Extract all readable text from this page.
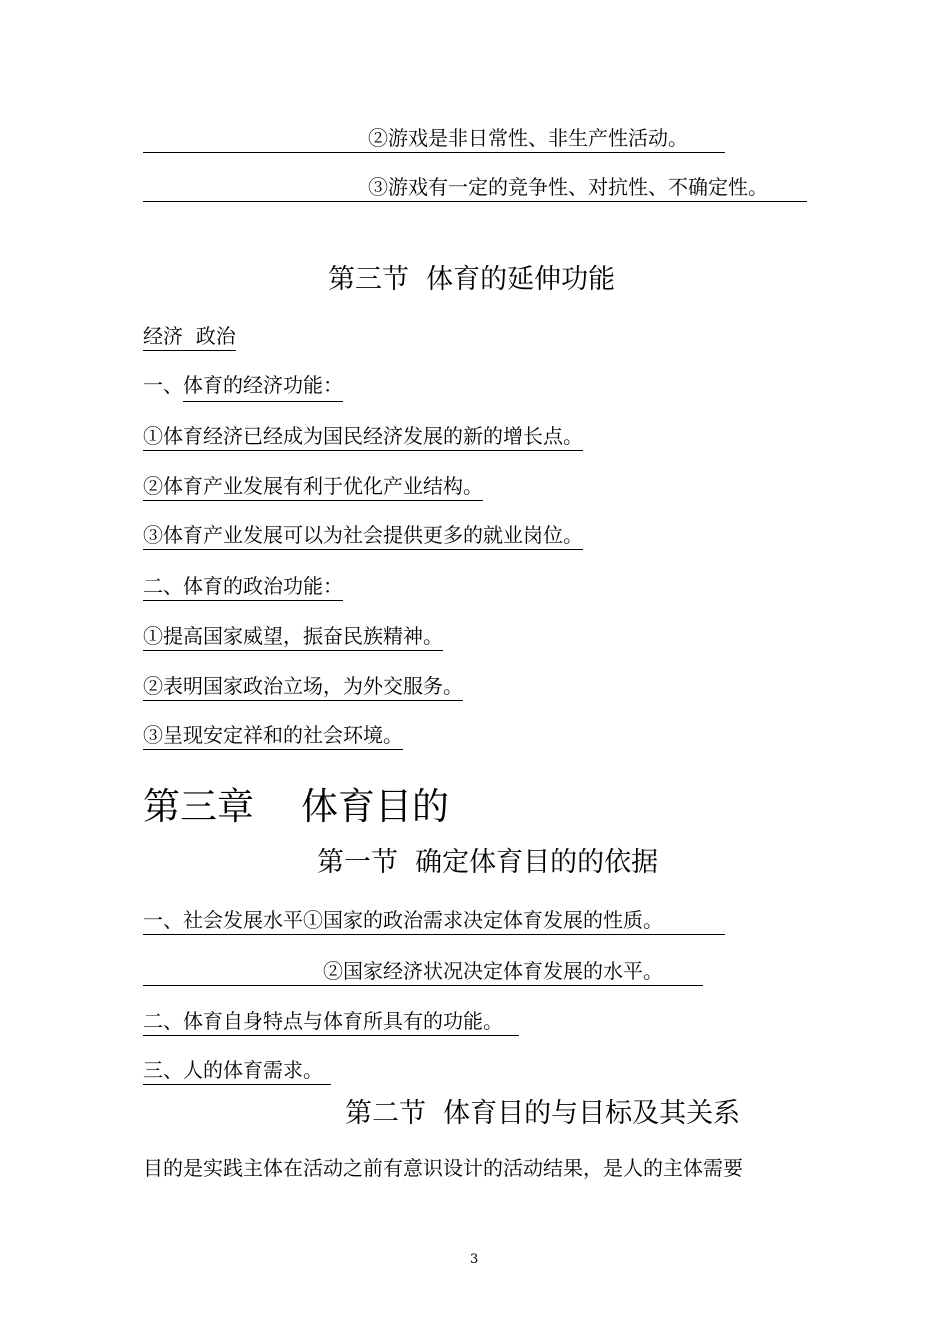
②游戏是非日常性、非生产性活动。
③游戏有一定的竞争性、对抗性、不确定性。
第三节  体育的延伸功能
经济  政治
一、体育的经济功能：
①体育经济已经成为国民经济发展的新的增长点。
②体育产业发展有利于优化产业结构。
③体育产业发展可以为社会提供更多的就业岗位。
二、体育的政治功能：
①提高国家威望，振奋民族精神。
②表明国家政治立场，为外交服务。
③呈现安定祥和的社会环境。
第三章    体育目的
第一节  确定体育目的的依据
一、社会发展水平①国家的政治需求决定体育发展的性质。
②国家经济状况决定体育发展的水平。
二、体育自身特点与体育所具有的功能。
三、人的体育需求。
第二节  体育目的与目标及其关系
目的是实践主体在活动之前有意识设计的活动结果，是人的主体需要
3
